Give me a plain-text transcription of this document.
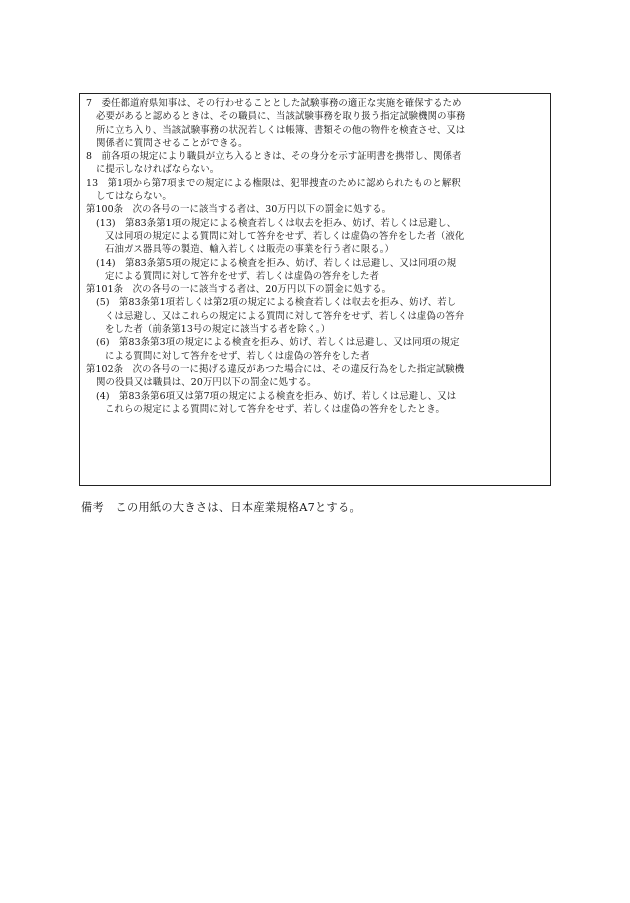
7　委任都道府県知事は、その行わせることとした試験事務の適正な実施を確保するため

必要があると認めるときは、その職員に、当該試験事務を取り扱う指定試験機関の事務

所に立ち入り、当該試験事務の状況若しくは帳簿、書類その他の物件を検査させ、又は

関係者に質問させることができる。

8　前各項の規定により職員が立ち入るときは、その身分を示す証明書を携帯し、関係者

に提示しなければならない。

13　第1項から第7項までの規定による権限は、犯罪捜査のために認められたものと解釈

してはならない。

第100条　次の各号の一に該当する者は、30万円以下の罰金に処する。

(13)　第83条第1項の規定による検査若しくは収去を拒み、妨げ、若しくは忌避し、

又は同項の規定による質問に対して答弁をせず、若しくは虚偽の答弁をした者（液化

石油ガス器具等の製造、輸入若しくは販売の事業を行う者に限る。）

(14)　第83条第5項の規定による検査を拒み、妨げ、若しくは忌避し、又は同項の規

定による質問に対して答弁をせず、若しくは虚偽の答弁をした者

第101条　次の各号の一に該当する者は、20万円以下の罰金に処する。

(5)　第83条第1項若しくは第2項の規定による検査若しくは収去を拒み、妨げ、若し

くは忌避し、又はこれらの規定による質問に対して答弁をせず、若しくは虚偽の答弁

をした者（前条第13号の規定に該当する者を除く。）

(6)　第83条第3項の規定による検査を拒み、妨げ、若しくは忌避し、又は同項の規定

による質問に対して答弁をせず、若しくは虚偽の答弁をした者

第102条　次の各号の一に掲げる違反があつた場合には、その違反行為をした指定試験機

関の役員又は職員は、20万円以下の罰金に処する。

(4)　第83条第6項又は第7項の規定による検査を拒み、妨げ、若しくは忌避し、又は

これらの規定による質問に対して答弁をせず、若しくは虚偽の答弁をしたとき。

備考　この用紙の大きさは、日本産業規格A7とする。
